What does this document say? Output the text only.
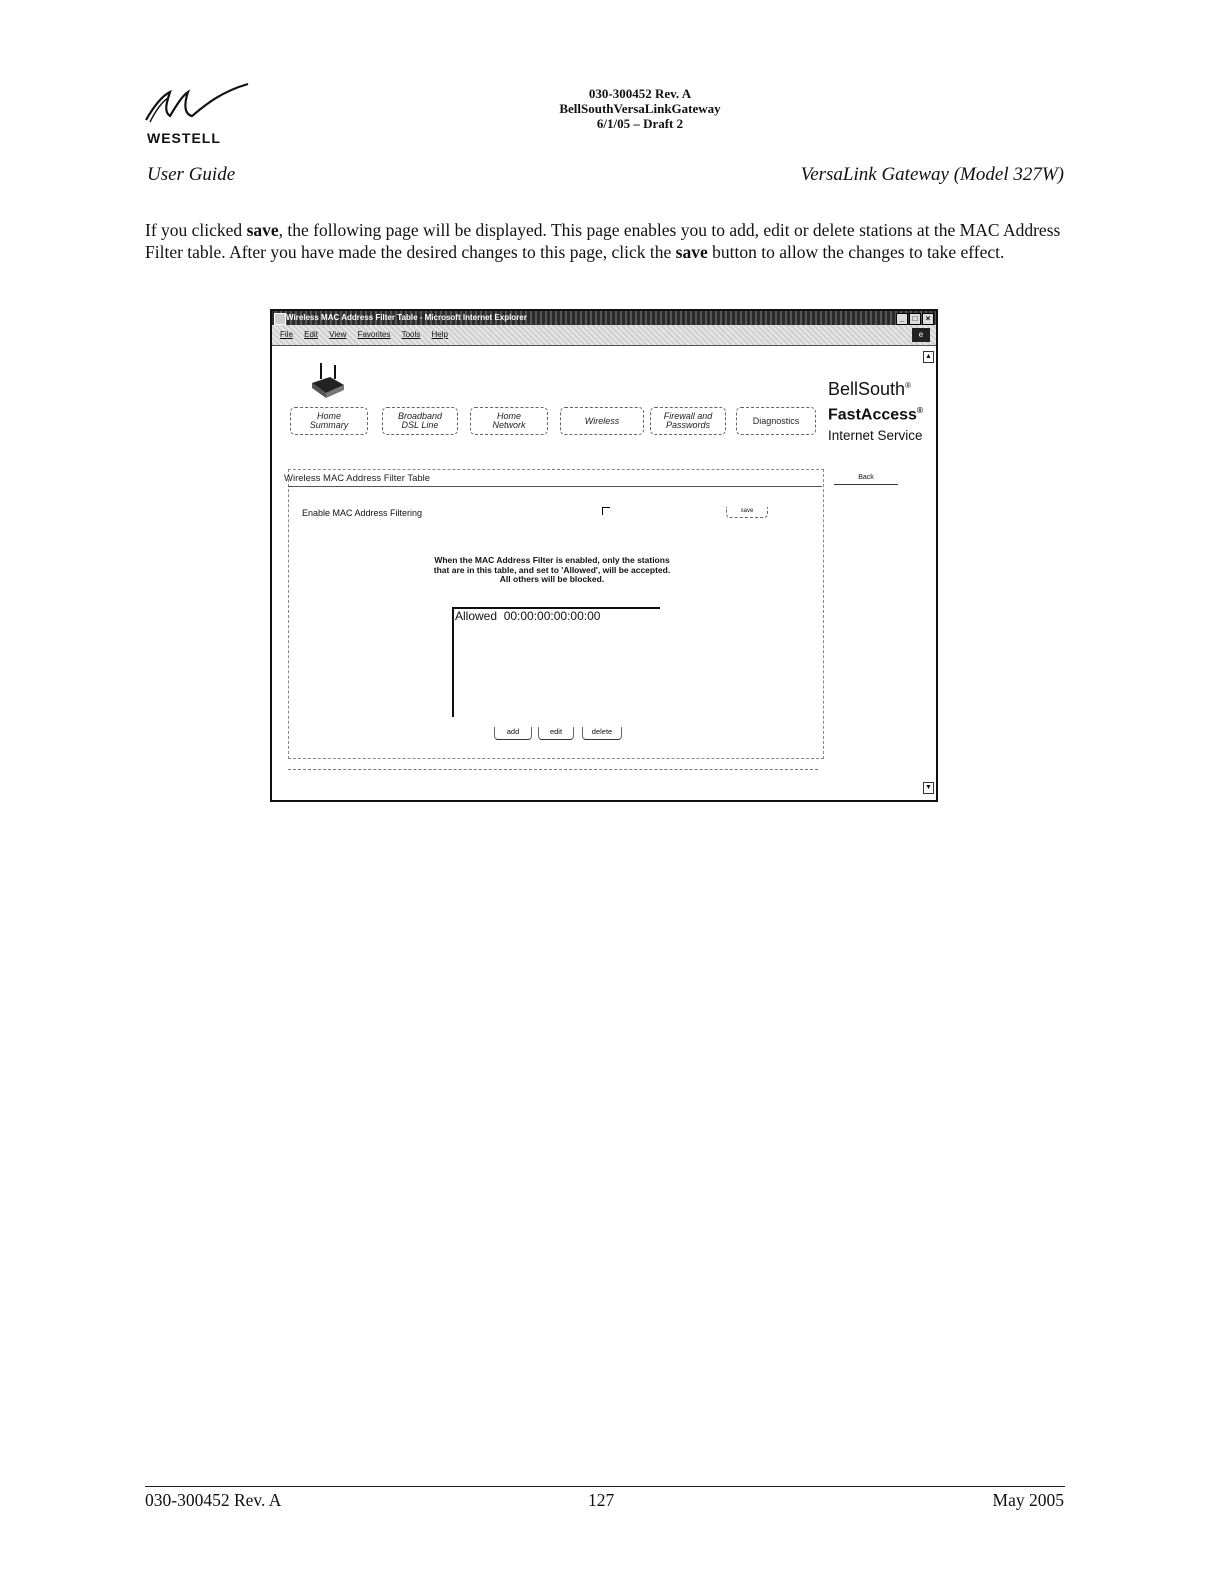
WESTELL
030-300452 Rev. A
BellSouthVersaLinkGateway
6/1/05 – Draft 2
User Guide	VersaLink Gateway (Model 327W)
If you clicked save, the following page will be displayed. This page enables you to add, edit or delete stations at the MAC Address Filter table. After you have made the desired changes to this page, click the save button to allow the changes to take effect.
Wireless MAC Address Filter Table - Microsoft Internet Explorer	_	□	×
File Edit View Favorites Tools Help	e
▲
▼
Home
Summary
Broadband
DSL Line
Home
Network	Wireless	Firewall and
Passwords	Diagnostics
BellSouth®
FastAccess®
Internet Service
Wireless MAC Address Filter Table	Back
Enable MAC Address Filtering	save
When the MAC Address Filter is enabled, only the stations
that are in this table, and set to 'Allowed', will be accepted.
All others will be blocked.
Allowed  00:00:00:00:00:00
add	edit	delete
030-300452 Rev. A	127	May 2005
